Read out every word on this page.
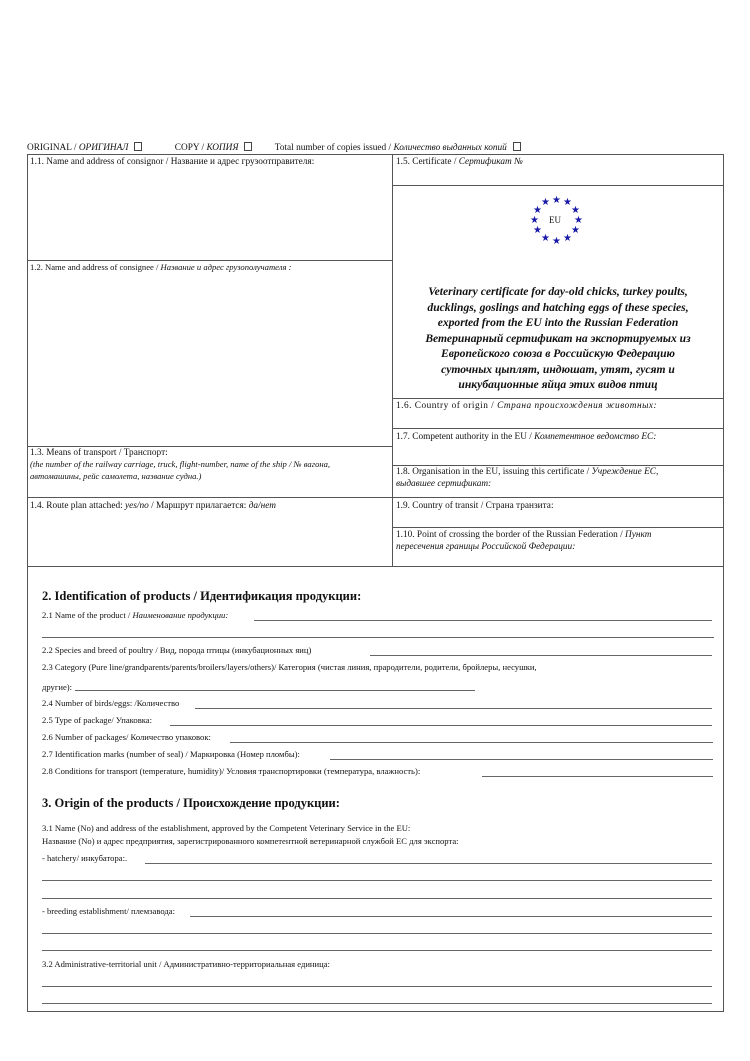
ORIGINAL / ОРИГИНАЛ	COPY / КОПИЯ	Total number of copies issued / Количество выданных копий
1.1. Name and address of consignor / Название и адрес грузоотправителя:
1.2. Name and address of consignee / Название и адрес грузополучателя :
1.3. Means of transport / Транспорт:
(the number of the railway carriage, truck, flight-number, name of the ship / № вагона,
автомашины, рейс самолета, название судна.)
1.4. Route plan attached: yes/no / Маршрут прилагается: да/нет
1.5. Certificate / Сертификат №
★
★ ★
★	★
★	★
★	★
★ ★
★
EU
Veterinary certificate for day-old chicks, turkey poults,
ducklings, goslings and hatching eggs of these species,
exported from the EU into the Russian Federation
Ветеринарный сертификат на экспортируемых из
Европейского союза в Российскую Федерацию
суточных цыплят, индюшат, утят, гусят и
инкубационные яйца этих видов птиц
1.6. Country of origin / Страна происхождения животных:
1.7. Competent authority in the EU / Компетентное ведомство ЕС:
1.8. Organisation in the EU, issuing this certificate / Учреждение ЕС,
выдавшее сертификат:
1.9. Country of transit / Страна транзита:
1.10. Point of crossing the border of the Russian Federation / Пункт
пересечения границы Российской Федерации:
2. Identification of products / Идентификация продукции:
2.1 Name of the product / Наименование продукции:
2.2 Species and breed of poultry / Вид, порода птицы (инкубационных яиц)
2.3 Category (Pure line/grandparents/parents/broilers/layers/others)/ Категория (чистая линия, прародители, родители, бройлеры, несушки,
другие):
2.4 Number of birds/eggs: /Количество
2.5 Type of package/ Упаковка:
2.6 Number of packages/ Количество упаковок:
2.7 Identification marks (number of seal) / Маркировка (Номер пломбы):
2.8 Conditions for transport (temperature, humidity)/ Условия транспортировки (температура, влажность):
3. Origin of the products / Происхождение продукции:
3.1 Name (No) and address of the establishment, approved by the Competent Veterinary Service in the EU:
Название (No) и адрес предприятия, зарегистрированного компетентной ветеринарной службой ЕС для экспорта:
- hatchery/ инкубатора:.
- breeding establishment/ племзавода:
3.2 Administrative-territorial unit / Административно-территориальная единица:
